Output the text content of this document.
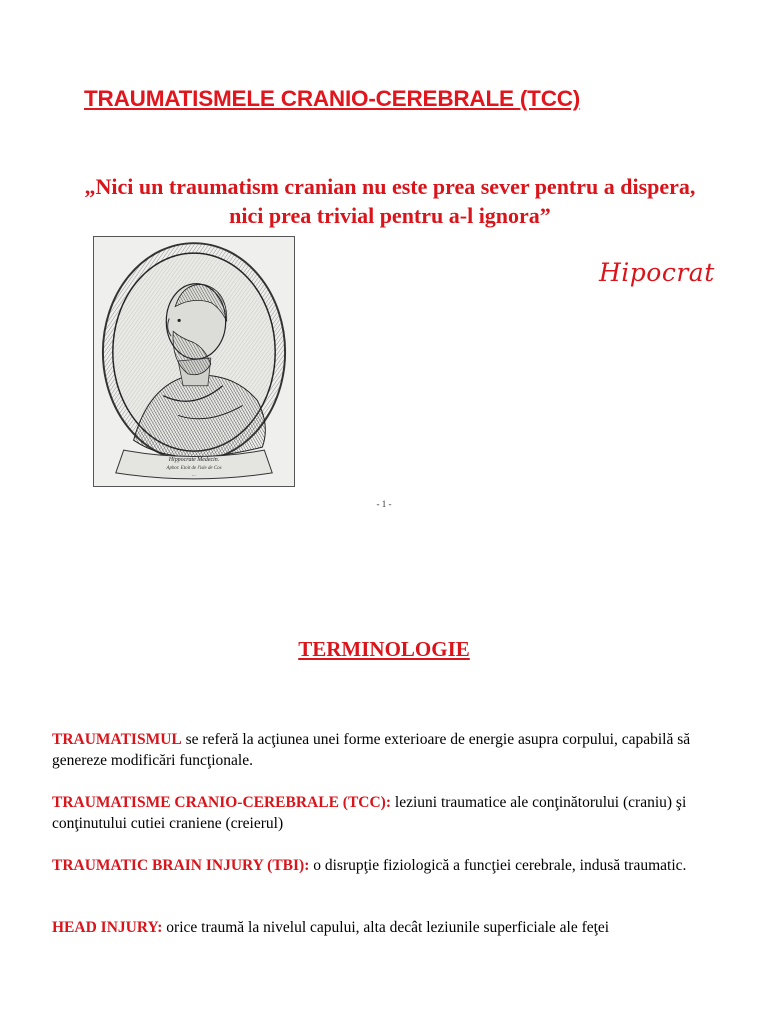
TRAUMATISMELE CRANIO-CEREBRALE (TCC)
„Nici un traumatism cranian nu este prea sever pentru a dispera,
nici prea trivial pentru a-l ignora”
Hipocrat
Hippocrate Medecin.
Aphor. Etoit de l'isle de Cos
...
- 1 -
TERMINOLOGIE
TRAUMATISMUL se referă la acţiunea unei forme exterioare de energie asupra corpului, capabilă să genereze modificări funcţionale.
TRAUMATISME CRANIO-CEREBRALE (TCC): leziuni traumatice ale conţinătorului (craniu) şi conţinutului cutiei craniene (creierul)
TRAUMATIC BRAIN INJURY (TBI): o disrupţie fiziologică a funcţiei cerebrale, indusă traumatic.
HEAD INJURY: orice traumă la nivelul capului, alta decât leziunile superficiale ale feţei
